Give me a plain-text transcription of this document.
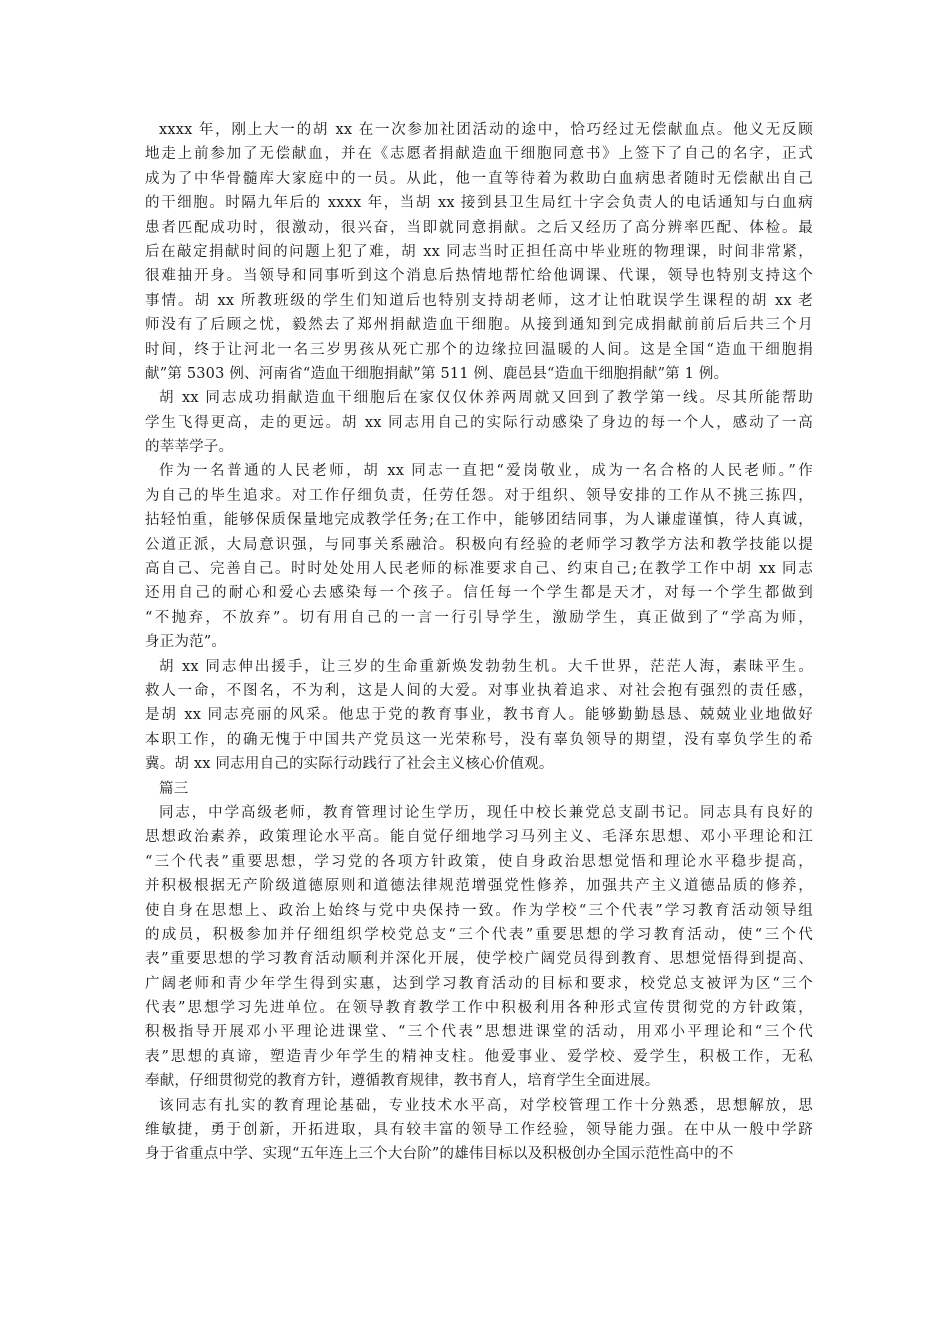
xxxx 年，刚上大一的胡 xx 在一次参加社团活动的途中，恰巧经过无偿献血点。他义无反顾
地走上前参加了无偿献血，并在《志愿者捐献造血干细胞同意书》上签下了自己的名字，正式
成为了中华骨髓库大家庭中的一员。从此，他一直等待着为救助白血病患者随时无偿献出自己
的干细胞。时隔九年后的 xxxx 年，当胡 xx 接到县卫生局红十字会负责人的电话通知与白血病
患者匹配成功时，很激动，很兴奋，当即就同意捐献。之后又经历了高分辨率匹配、体检。最
后在敲定捐献时间的问题上犯了难，胡 xx 同志当时正担任高中毕业班的物理课，时间非常紧，
很难抽开身。当领导和同事听到这个消息后热情地帮忙给他调课、代课，领导也特别支持这个
事情。胡 xx 所教班级的学生们知道后也特别支持胡老师，这才让怕耽误学生课程的胡 xx 老
师没有了后顾之忧，毅然去了郑州捐献造血干细胞。从接到通知到完成捐献前前后后共三个月
时间，终于让河北一名三岁男孩从死亡那个的边缘拉回温暖的人间。这是全国“造血干细胞捐
献”第 5303 例、河南省“造血干细胞捐献”第 511 例、鹿邑县“造血干细胞捐献”第 1 例。
胡 xx 同志成功捐献造血干细胞后在家仅仅休养两周就又回到了教学第一线。尽其所能帮助
学生飞得更高，走的更远。胡 xx 同志用自己的实际行动感染了身边的每一个人，感动了一高
的莘莘学子。
作为一名普通的人民老师，胡 xx 同志一直把“爱岗敬业，成为一名合格的人民老师。”作
为自己的毕生追求。对工作仔细负责，任劳任怨。对于组织、领导安排的工作从不挑三拣四，
拈轻怕重，能够保质保量地完成教学任务;在工作中，能够团结同事，为人谦虚谨慎，待人真诚，
公道正派，大局意识强，与同事关系融洽。积极向有经验的老师学习教学方法和教学技能以提
高自己、完善自己。时时处处用人民老师的标准要求自己、约束自己;在教学工作中胡 xx 同志
还用自己的耐心和爱心去感染每一个孩子。信任每一个学生都是天才，对每一个学生都做到
“不抛弃，不放弃”。切有用自己的一言一行引导学生，激励学生，真正做到了“学高为师，
身正为范”。
胡 xx 同志伸出援手，让三岁的生命重新焕发勃勃生机。大千世界，茫茫人海，素昧平生。
救人一命，不图名，不为利，这是人间的大爱。对事业执着追求、对社会抱有强烈的责任感，
是胡 xx 同志亮丽的风采。他忠于党的教育事业，教书育人。能够勤勤恳恳、兢兢业业地做好
本职工作，的确无愧于中国共产党员这一光荣称号，没有辜负领导的期望，没有辜负学生的希
冀。胡 xx 同志用自己的实际行动践行了社会主义核心价值观。
篇三
同志，中学高级老师，教育管理讨论生学历，现任中校长兼党总支副书记。同志具有良好的
思想政治素养，政策理论水平高。能自觉仔细地学习马列主义、毛泽东思想、邓小平理论和江
“三个代表”重要思想，学习党的各项方针政策，使自身政治思想觉悟和理论水平稳步提高，
并积极根据无产阶级道德原则和道德法律规范增强党性修养，加强共产主义道德品质的修养，
使自身在思想上、政治上始终与党中央保持一致。作为学校“三个代表”学习教育活动领导组
的成员，积极参加并仔细组织学校党总支“三个代表”重要思想的学习教育活动，使“三个代
表”重要思想的学习教育活动顺利并深化开展，使学校广阔党员得到教育、思想觉悟得到提高、
广阔老师和青少年学生得到实惠，达到学习教育活动的目标和要求，校党总支被评为区“三个
代表”思想学习先进单位。在领导教育教学工作中积极利用各种形式宣传贯彻党的方针政策，
积极指导开展邓小平理论进课堂、“三个代表”思想进课堂的活动，用邓小平理论和“三个代
表”思想的真谛，塑造青少年学生的精神支柱。他爱事业、爱学校、爱学生，积极工作，无私
奉献，仔细贯彻党的教育方针，遵循教育规律，教书育人，培育学生全面进展。
该同志有扎实的教育理论基础，专业技术水平高，对学校管理工作十分熟悉，思想解放，思
维敏捷，勇于创新，开拓进取，具有较丰富的领导工作经验，领导能力强。在中从一般中学跻
身于省重点中学、实现“五年连上三个大台阶”的雄伟目标以及积极创办全国示范性高中的不
